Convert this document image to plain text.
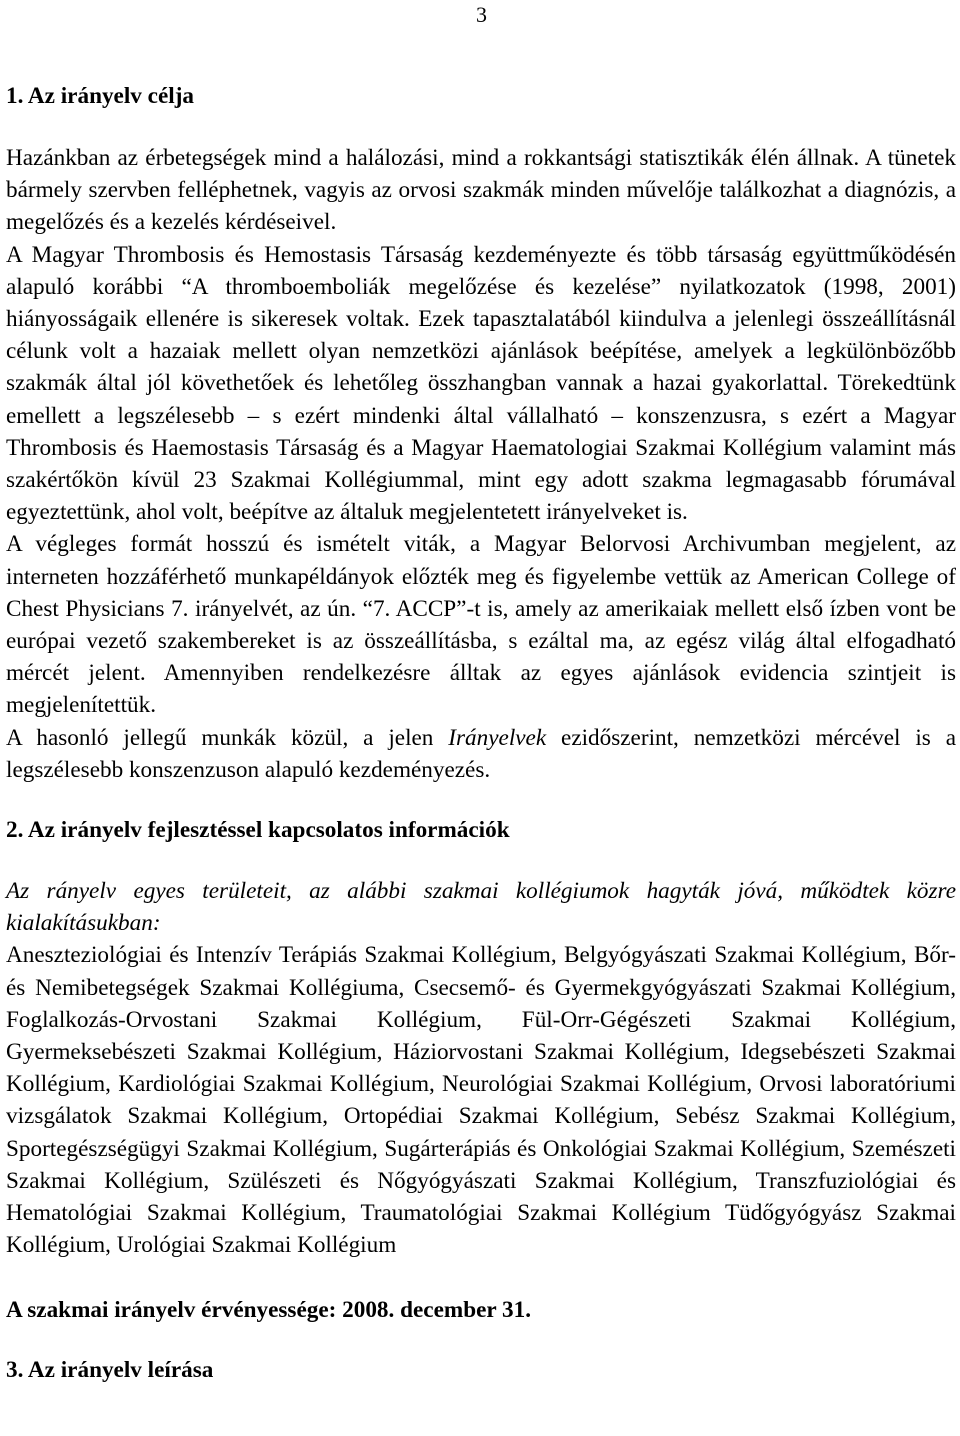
3
1. Az irányelv célja

Hazánkban az érbetegségek mind a halálozási, mind a rokkantsági statisztikák élén állnak. A tünetek bármely szervben felléphetnek, vagyis az orvosi szakmák minden művelője találkozhat a diagnózis, a megelőzés és a kezelés kérdéseivel.

A Magyar Thrombosis és Hemostasis Társaság kezdeményezte és több társaság együttműködésén alapuló korábbi “A thromboemboliák megelőzése és kezelése” nyilatkozatok (1998, 2001) hiányosságaik ellenére is sikeresek voltak. Ezek tapasztalatából kiindulva a jelenlegi összeállításnál célunk volt a hazaiak mellett olyan nemzetközi ajánlások beépítése, amelyek a legkülönbözőbb szakmák által jól követhetőek és lehetőleg összhangban vannak a hazai gyakorlattal. Törekedtünk emellett a legszélesebb – s ezért mindenki által vállalható – konszenzusra, s ezért a Magyar Thrombosis és Haemostasis Társaság és a Magyar Haematologiai Szakmai Kollégium valamint más szakértőkön kívül 23 Szakmai Kollégiummal, mint egy adott szakma legmagasabb fórumával egyeztettünk, ahol volt, beépítve az általuk megjelentetett irányelveket is.

A végleges formát hosszú és ismételt viták, a Magyar Belorvosi Archivumban megjelent, az interneten hozzáférhető munkapéldányok előzték meg és figyelembe vettük az American College of Chest Physicians 7. irányelvét, az ún. “7. ACCP”-t is, amely az amerikaiak mellett első ízben vont be európai vezető szakembereket is az összeállításba, s ezáltal ma, az egész világ által elfogadható mércét jelent. Amennyiben rendelkezésre álltak az egyes ajánlások evidencia szintjeit is megjelenítettük.

A hasonló jellegű munkák közül, a jelen Irányelvek ezidőszerint, nemzetközi mércével is a legszélesebb konszenzuson alapuló kezdeményezés.

2. Az irányelv fejlesztéssel kapcsolatos információk

Az rányelv egyes területeit, az alábbi szakmai kollégiumok hagyták jóvá, működtek közre kialakításukban:

Aneszteziológiai és Intenzív Terápiás Szakmai Kollégium, Belgyógyászati Szakmai Kollégium, Bőr- és Nemibetegségek Szakmai Kollégiuma, Csecsemő- és Gyermekgyógyászati Szakmai Kollégium, Foglalkozás-Orvostani Szakmai Kollégium, Fül-Orr-Gégészeti Szakmai Kollégium, Gyermeksebészeti Szakmai Kollégium, Háziorvostani Szakmai Kollégium, Idegsebészeti Szakmai Kollégium, Kardiológiai Szakmai Kollégium, Neurológiai Szakmai Kollégium, Orvosi laboratóriumi vizsgálatok Szakmai Kollégium, Ortopédiai Szakmai Kollégium, Sebész Szakmai Kollégium, Sportegészségügyi Szakmai Kollégium, Sugárterápiás és Onkológiai Szakmai Kollégium, Szemészeti Szakmai Kollégium, Szülészeti és Nőgyógyászati Szakmai Kollégium, Transzfuziológiai és Hematológiai Szakmai Kollégium, Traumatológiai Szakmai Kollégium Tüdőgyógyász Szakmai Kollégium, Urológiai Szakmai Kollégium

A szakmai irányelv érvényessége: 2008. december 31.
3. Az irányelv leírása
